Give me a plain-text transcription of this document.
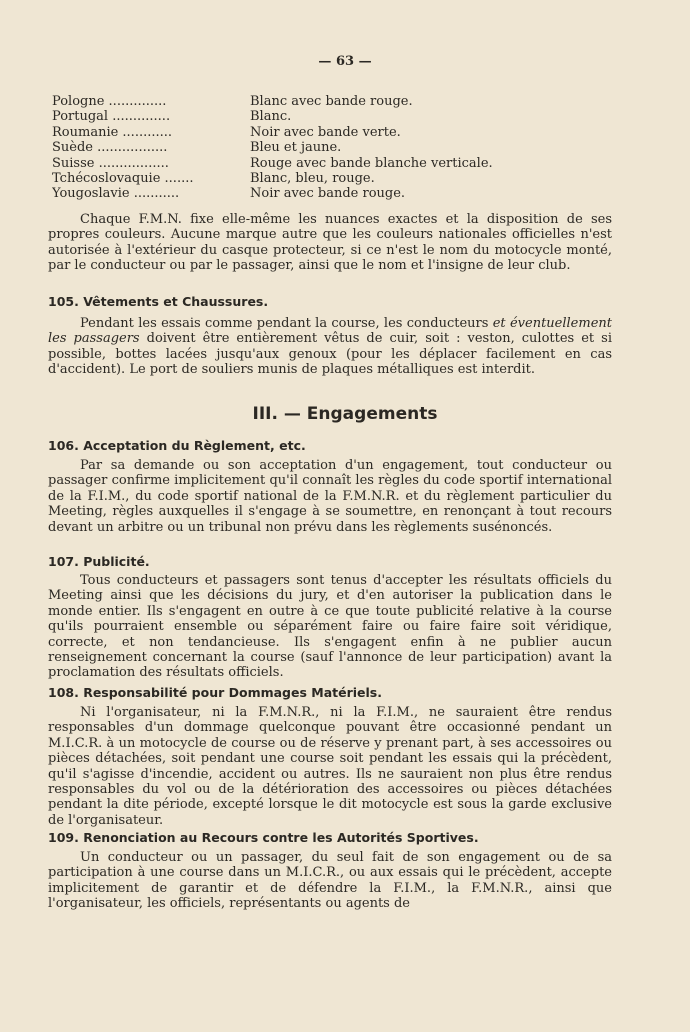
— 63 —
Pologne ..............	Blanc avec bande rouge.
Portugal ..............	Blanc.
Roumanie ............	Noir avec bande verte.
Suède .................	Bleu et jaune.
Suisse .................	Rouge avec bande blanche verticale.
Tchécoslovaquie .......	Blanc, bleu, rouge.
Yougoslavie ...........	Noir avec bande rouge.

Chaque F.M.N. fixe elle-même les nuances exactes et la disposition de ses propres couleurs. Aucune marque autre que les couleurs nationales officielles n'est autorisée à l'extérieur du casque protecteur, si ce n'est le nom du motocycle monté, par le conducteur ou par le passager, ainsi que le nom et l'insigne de leur club.

105. Vêtements et Chaussures.

Pendant les essais comme pendant la course, les conducteurs et éventuellement les passagers doivent être entièrement vêtus de cuir, soit : veston, culottes et si possible, bottes lacées jusqu'aux genoux (pour les déplacer facilement en cas d'accident). Le port de souliers munis de plaques métalliques est interdit.

III. — Engagements
106. Acceptation du Règlement, etc.

Par sa demande ou son acceptation d'un engagement, tout conducteur ou passager confirme implicitement qu'il connaît les règles du code sportif international de la F.I.M., du code sportif national de la F.M.N.R. et du règlement particulier du Meeting, règles auxquelles il s'engage à se soumettre, en renonçant à tout recours devant un arbitre ou un tribunal non prévu dans les règlements susénoncés.

107. Publicité.

Tous conducteurs et passagers sont tenus d'accepter les résultats officiels du Meeting ainsi que les décisions du jury, et d'en autoriser la publication dans le monde entier. Ils s'engagent en outre à ce que toute publicité relative à la course qu'ils pourraient ensemble ou séparément faire ou faire faire soit véridique, correcte, et non tendancieuse. Ils s'engagent enfin à ne publier aucun renseignement concernant la course (sauf l'annonce de leur participation) avant la proclamation des résultats officiels.

108. Responsabilité pour Dommages Matériels.

Ni l'organisateur, ni la F.M.N.R., ni la F.I.M., ne sauraient être rendus responsables d'un dommage quelconque pouvant être occasionné pendant un M.I.C.R. à un motocycle de course ou de réserve y prenant part, à ses accessoires ou pièces détachées, soit pendant une course soit pendant les essais qui la précèdent, qu'il s'agisse d'incendie, accident ou autres. Ils ne sauraient non plus être rendus responsables du vol ou de la détérioration des accessoires ou pièces détachées pendant la dite période, excepté lorsque le dit motocycle est sous la garde exclusive de l'organisateur.

109. Renonciation au Recours contre les Autorités Sportives.

Un conducteur ou un passager, du seul fait de son engagement ou de sa participation à une course dans un M.I.C.R., ou aux essais qui le précèdent, accepte implicitement de garantir et de défendre la F.I.M., la F.M.N.R., ainsi que l'organisateur, les officiels, représentants ou agents de
